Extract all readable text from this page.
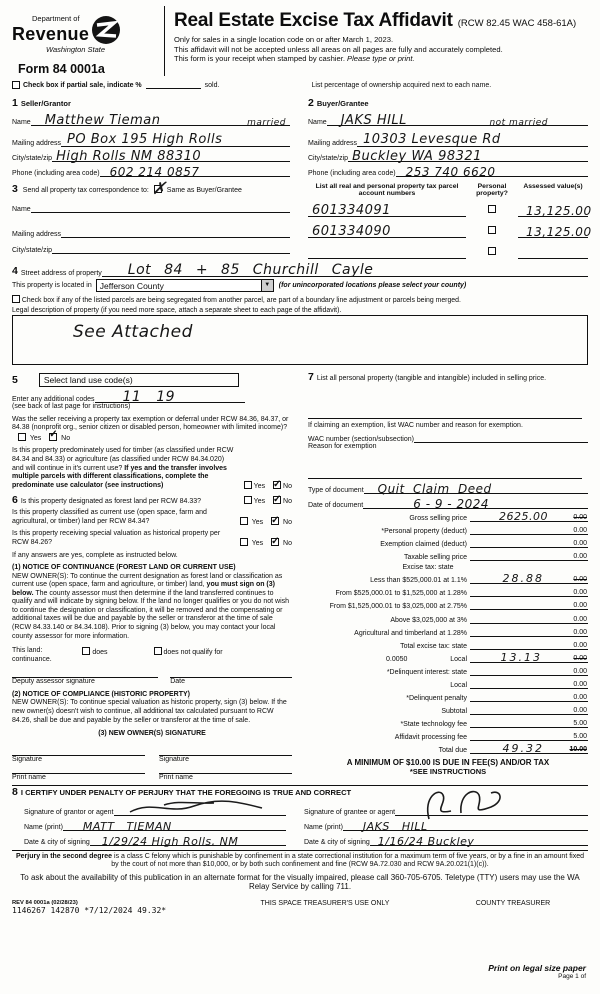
Department of
Revenue
Washington State
Form 84 0001a
Real Estate Excise Tax Affidavit (RCW 82.45 WAC 458-61A)
Only for sales in a single location code on or after March 1, 2023.
This affidavit will not be accepted unless all areas on all pages are fully and accurately completed.
This form is your receipt when stamped by cashier. Please type or print.
Check box if partial sale, indicate %	sold.	List percentage of ownership acquired next to each name.
1 Seller/Grantor
Name Matthew Tieman	married
Mailing address PO Box 195 High Rolls
City/state/zip High Rolls NM 88310
Phone (including area code) 602 214 0857
2 Buyer/Grantee
Name JAKS HILL	not married
Mailing address 10303 Levesque Rd
City/state/zip Buckley WA 98321
Phone (including area code) 253 740 6620
3 Send all property tax correspondence to: ✗	Same as Buyer/Grantee
Name
Mailing address
City/state/zip
List all real and personal property tax parcel account numbers
Personal property?
Assessed value(s)
601334091	13,125.00
601334090	13,125.00
4 Street address of property Lot 84 + 85 Churchill Cayle
This property is located in Jefferson County	▼	(for unincorporated locations please select your county)
Check box if any of the listed parcels are being segregated from another parcel, are part of a boundary line adjustment or parcels being merged.
Legal description of property (if you need more space, attach a separate sheet to each page of the affidavit).
See Attached
5	Select land use code(s)
Enter any additional codes 11 19
(see back of last page for instructions)
Was the seller receiving a property tax exemption or deferral under RCW 84.36, 84.37, or 84.38 (nonprofit org., senior citizen or disabled person, homeowner with limited income)?  Yes ✓	No
Is this property predominately used for timber (as classified under RCW 84.34 and 84.33) or agriculture (as classified under RCW 84.34.020) and will continue in it's current use? If yes and the transfer involves multiple parcels with different classifications, complete the predominate use calculator (see instructions)	Yes ✓	No
6 Is this property designated as forest land per RCW 84.33?	Yes ✓	No
Is this property classified as current use (open space, farm and agricultural, or timber) land per RCW 84.34?	Yes ✓	No
Is this property receiving special valuation as historical property per RCW 84.26?	Yes ✓	No
If any answers are yes, complete as instructed below.
(1) NOTICE OF CONTINUANCE (FOREST LAND OR CURRENT USE)
NEW OWNER(S): To continue the current designation as forest land or classification as current use (open space, farm and agriculture, or timber) land, you must sign on (3) below. The county assessor must then determine if the land transferred continues to qualify and will indicate by signing below. If the land no longer qualifies or you do not wish to continue the designation or classification, it will be removed and the compensating or additional taxes will be due and payable by the seller or transferor at the time of sale (RCW 84.33.140 or 84.34.108). Prior to signing (3) below, you may contact your local county assessor for more information.
This land:	does	does not qualify for
continuance.
Deputy assessor signature	Date
(2) NOTICE OF COMPLIANCE (HISTORIC PROPERTY)
NEW OWNER(S): To continue special valuation as historic property, sign (3) below. If the new owner(s) doesn't wish to continue, all additional tax calculated pursuant to RCW 84.26, shall be due and payable by the seller or transferor at the time of sale.
(3) NEW OWNER(S) SIGNATURE
Signature	Signature
Print name	Print name
7 List all personal property (tangible and intangible) included in selling price.
If claiming an exemption, list WAC number and reason for exemption.
WAC number (section/subsection)
Reason for exemption
Type of document Quit Claim Deed
Date of document	6 - 9 - 2024
Gross selling price	2625.00	0.00
*Personal property (deduct)	0.00
Exemption claimed (deduct)	0.00
Taxable selling price	0.00
Excise tax: state
Less than $525,000.01 at 1.1%	28.88	0.00
From $525,000.01 to $1,525,000 at 1.28%	0.00
From $1,525,000.01 to $3,025,000 at 2.75%	0.00
Above $3,025,000 at 3%	0.00
Agricultural and timberland at 1.28%	0.00
Total excise tax: state	0.00
0.0050	Local	13.13	0.00
*Delinquent interest: state	0.00
Local	0.00
*Delinquent penalty	0.00
Subtotal	0.00
*State technology fee	5.00
Affidavit processing fee	5.00
Total due	49.32	10.00
A MINIMUM OF $10.00 IS DUE IN FEE(S) AND/OR TAX
*SEE INSTRUCTIONS
8 I CERTIFY UNDER PENALTY OF PERJURY THAT THE FOREGOING IS TRUE AND CORRECT
Signature of grantor or agent
Name (print) MATT TIEMAN
Date & city of signing 1/29/24 High Rolls, NM
Signature of grantee or agent
Name (print) JAKS HILL
Date & city of signing 1/16/24 Buckley
Perjury in the second degree is a class C felony which is punishable by confinement in a state correctional institution for a maximum term of five years, or by a fine in an amount fixed by the court of not more than $10,000, or by both such confinement and fine (RCW 9A.72.030 and RCW 9A.20.021(1)(c)).
To ask about the availability of this publication in an alternate format for the visually impaired, please call 360-705-6705. Teletype (TTY) users may use the WA Relay Service by calling 711.
REV 84 0001a (02/28/23)
1146267 142870 *7/12/2024 49.32*
THIS SPACE TREASURER'S USE ONLY	COUNTY TREASURER
Print on legal size paper
Page 1 of
